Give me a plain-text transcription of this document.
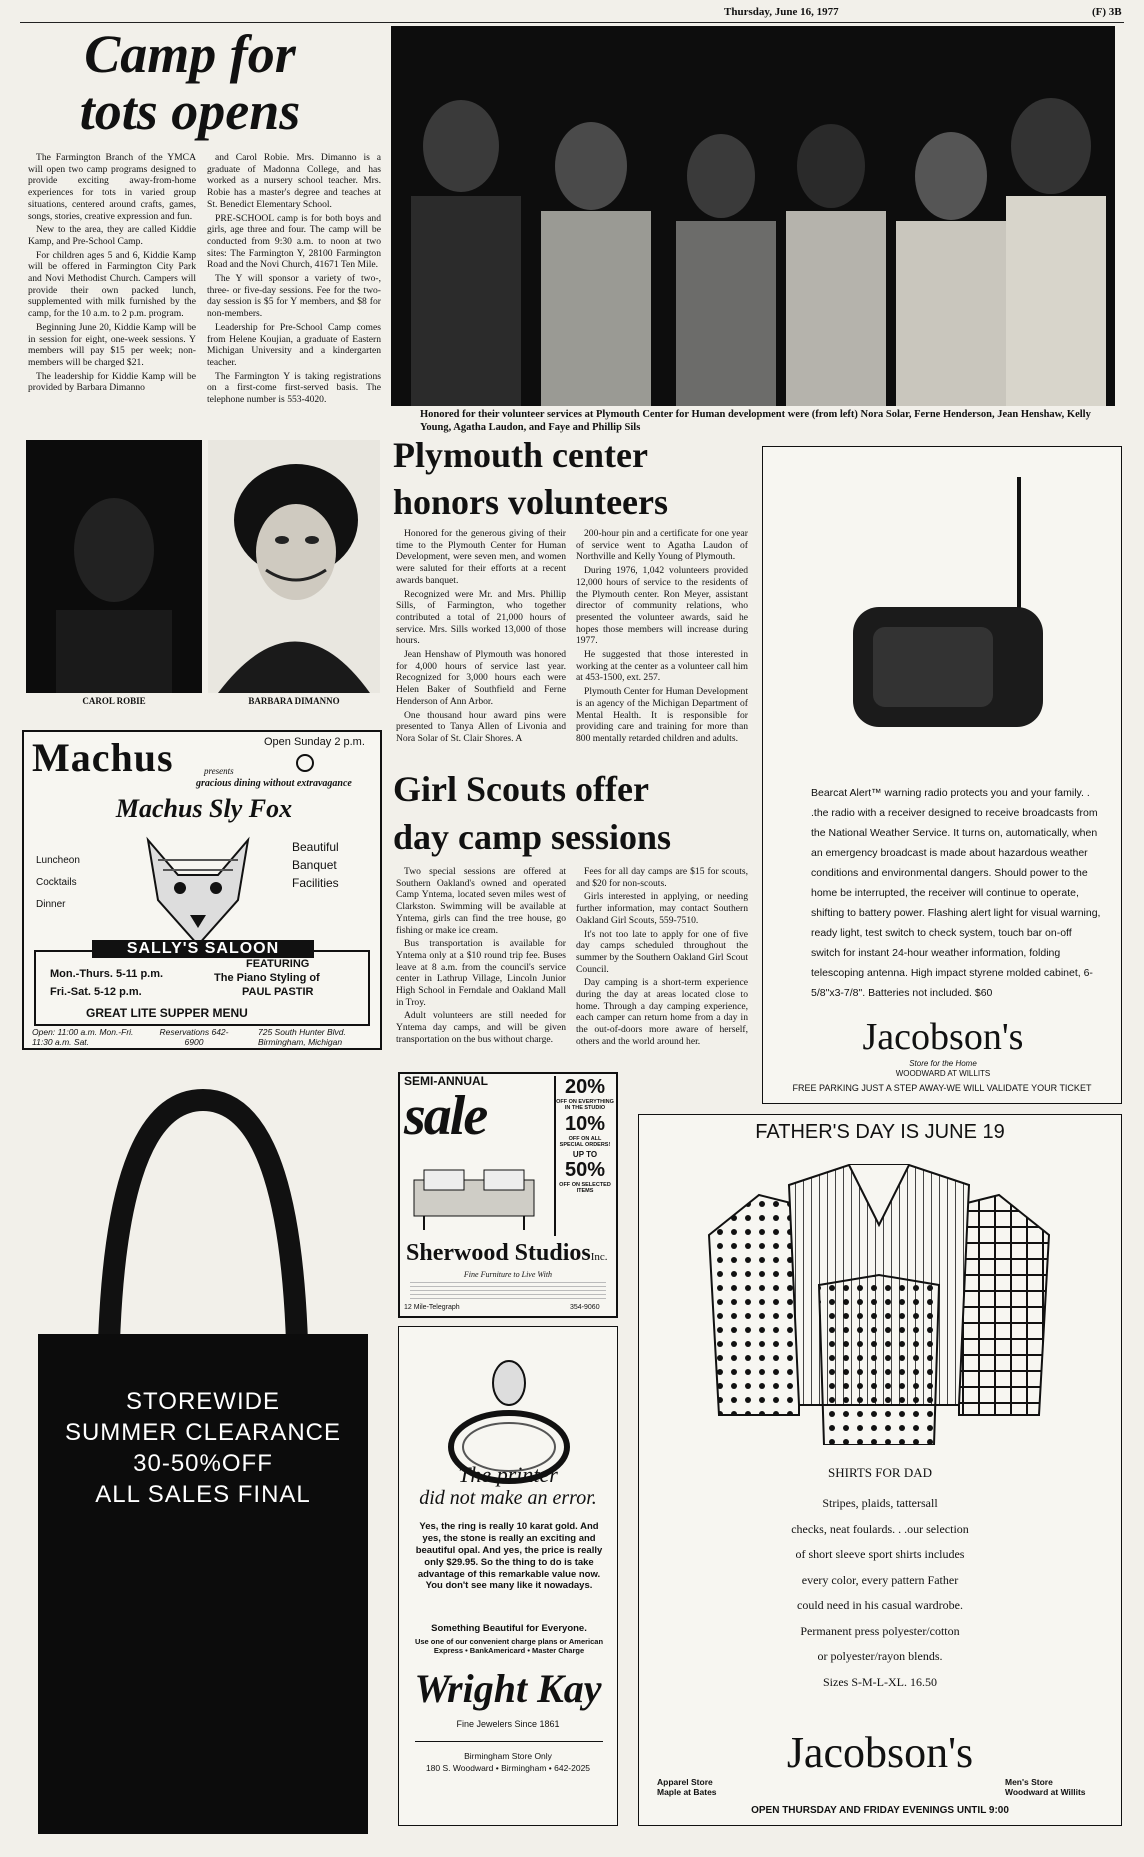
Thursday, June 16, 1977	(F) 3B
Camp for
tots opens

The Farmington Branch of the YMCA will open two camp programs designed to provide exciting away-from-home experiences for tots in varied group situations, centered around crafts, games, songs, stories, creative expression and fun.

New to the area, they are called Kiddie Kamp, and Pre-School Camp.

For children ages 5 and 6, Kiddie Kamp will be offered in Farmington City Park and Novi Methodist Church. Campers will provide their own packed lunch, supplemented with milk furnished by the camp, for the 10 a.m. to 2 p.m. program.

Beginning June 20, Kiddie Kamp will be in session for eight, one-week sessions. Y members will pay $15 per week; non-members will be charged $21.

The leadership for Kiddie Kamp will be provided by Barbara Dimanno

and Carol Robie. Mrs. Dimanno is a graduate of Madonna College, and has worked as a nursery school teacher. Mrs. Robie has a master's degree and teaches at St. Benedict Elementary School.

PRE-SCHOOL camp is for both boys and girls, age three and four. The camp will be conducted from 9:30 a.m. to noon at two sites: The Farmington Y, 28100 Farmington Road and the Novi Church, 41671 Ten Mile.

The Y will sponsor a variety of two-, three- or five-day sessions. Fee for the two-day session is $5 for Y members, and $8 for non-members.

Leadership for Pre-School Camp comes from Helene Koujian, a graduate of Eastern Michigan University and a kindergarten teacher.

The Farmington Y is taking registrations on a first-come first-served basis. The telephone number is 553-4020.

CAROL ROBIE	BARBARA DIMANNO
Honored for their volunteer services at Plymouth Center for Human development were (from left) Nora Solar, Ferne Henderson, Jean Henshaw, Kelly Young, Agatha Laudon, and Faye and Phillip Sils
Plymouth center
honors volunteers

Honored for the generous giving of their time to the Plymouth Center for Human Development, were seven men, and women were saluted for their efforts at a recent awards banquet.

Recognized were Mr. and Mrs. Phillip Sills, of Farmington, who together contributed a total of 21,000 hours of service. Mrs. Sills worked 13,000 of those hours.

Jean Henshaw of Plymouth was honored for 4,000 hours of service last year. Recognized for 3,000 hours each were Helen Baker of Southfield and Ferne Henderson of Ann Arbor.

One thousand hour award pins were presented to Tanya Allen of Livonia and Nora Solar of St. Clair Shores. A

200-hour pin and a certificate for one year of service went to Agatha Laudon of Northville and Kelly Young of Plymouth.

During 1976, 1,042 volunteers provided 12,000 hours of service to the residents of the Plymouth center. Ron Meyer, assistant director of community relations, who presented the volunteer awards, said he hopes those members will increase during 1977.

He suggested that those interested in working at the center as a volunteer call him at 453-1500, ext. 257.

Plymouth Center for Human Development is an agency of the Michigan Department of Mental Health. It is responsible for providing care and training for more than 800 mentally retarded children and adults.

Girl Scouts offer
day camp sessions

Two special sessions are offered at Southern Oakland's owned and operated Camp Yntema, located seven miles west of Clarkston. Swimming will be available at Yntema, girls can find the tree house, go fishing or make ice cream.

Bus transportation is available for Yntema only at a $10 round trip fee. Buses leave at 8 a.m. from the council's service center in Lathrup Village, Lincoln Junior High School in Ferndale and Oakland Mall in Troy.

Adult volunteers are still needed for Yntema day camps, and will be given transportation on the bus without charge.

Fees for all day camps are $15 for scouts, and $20 for non-scouts.

Girls interested in applying, or needing further information, may contact Southern Oakland Girl Scouts, 559-7510.

It's not too late to apply for one of five day camps scheduled throughout the summer by the Southern Oakland Girl Scout Council.

Day camping is a short-term experience during the day at areas located close to home. Through a day camping experience, each camper can return home from a day in the out-of-doors more aware of herself, others and the world around her.

Machus	Open Sunday 2 p.m.
presents
gracious dining without extravagance
Machus Sly Fox
Luncheon
Cocktails
Dinner
Beautiful
Banquet
Facilities
SALLY'S SALOON
Mon.-Thurs. 5-11 p.m.
Fri.-Sat. 5-12 p.m.
FEATURING
The Piano Styling of
PAUL PASTIR
GREAT LITE SUPPER MENU
Open: 11:00 a.m. Mon.-Fri. 11:30 a.m. Sat.
Reservations 642-6900
725 South Hunter Blvd. Birmingham, Michigan
Bearcat Alert™ warning radio protects you and your family. . .the radio with a receiver designed to receive broadcasts from the National Weather Service. It turns on, automatically, when an emergency broadcast is made about hazardous weather conditions and environmental dangers. Should power to the home be interrupted, the receiver will continue to operate, shifting to battery power. Flashing alert light for visual warning, ready light, test switch to check system, touch bar on-off switch for instant 24-hour weather information, folding telescoping antenna. High impact styrene molded cabinet, 6-5/8"x3-7/8". Batteries not included. $60
Jacobson's
Store for the Home
WOODWARD AT WILLITS
FREE PARKING JUST A STEP AWAY-WE WILL VALIDATE YOUR TICKET
SEMI-ANNUAL
sale	20%
OFF ON EVERYTHING IN THE STUDIO
10%
OFF ON ALL SPECIAL ORDERS!
UP TO
50%
OFF ON SELECTED ITEMS
Sherwood StudiosInc.
Fine Furniture to Live With
12 Mile-Telegraph	354-9060
The printer
did not make an error.
Yes, the ring is really 10 karat gold. And yes, the stone is really an exciting and beautiful opal. And yes, the price is really only $29.95. So the thing to do is take advantage of this remarkable value now. You don't see many like it nowadays.
Something Beautiful for Everyone.
Use one of our convenient charge plans or American Express • BankAmericard • Master Charge
Wright Kay
Fine Jewelers Since 1861
Birmingham Store Only
180 S. Woodward • Birmingham • 642-2025
STOREWIDE
SUMMER CLEARANCE
30-50%OFF
ALL SALES FINAL
FATHER'S DAY IS JUNE 19
SHIRTS FOR DAD
Stripes, plaids, tattersall
checks, neat foulards. . .our selection
of short sleeve sport shirts includes
every color, every pattern Father
could need in his casual wardrobe.
Permanent press polyester/cotton
or polyester/rayon blends.
Sizes S-M-L-XL. 16.50
Jacobson's
Apparel Store
Maple at Bates
Men's Store
Woodward at Willits
OPEN THURSDAY AND FRIDAY EVENINGS UNTIL 9:00
